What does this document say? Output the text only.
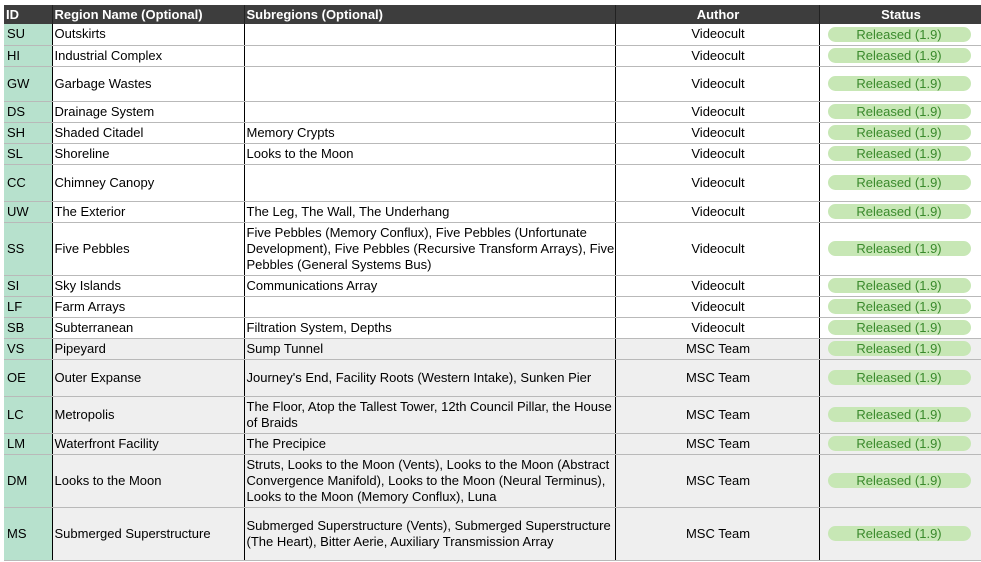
ID	Region Name (Optional)	Subregions (Optional)	Author	Status
SU	Outskirts		Videocult	Released (1.9)

HI	Industrial Complex		Videocult	Released (1.9)

GW	Garbage Wastes		Videocult	Released (1.9)

DS	Drainage System		Videocult	Released (1.9)

SH	Shaded Citadel	Memory Crypts	Videocult	Released (1.9)

SL	Shoreline	Looks to the Moon	Videocult	Released (1.9)

CC	Chimney Canopy		Videocult	Released (1.9)

UW	The Exterior	The Leg, The Wall, The Underhang	Videocult	Released (1.9)

SS	Five Pebbles	Five Pebbles (Memory Conflux), Five Pebbles (Unfortunate Development), Five Pebbles (Recursive Transform Arrays), Five Pebbles (General Systems Bus)	Videocult	Released (1.9)

SI	Sky Islands	Communications Array	Videocult	Released (1.9)

LF	Farm Arrays		Videocult	Released (1.9)

SB	Subterranean	Filtration System, Depths	Videocult	Released (1.9)

VS	Pipeyard	Sump Tunnel	MSC Team	Released (1.9)

OE	Outer Expanse	Journey's End, Facility Roots (Western Intake), Sunken Pier	MSC Team	Released (1.9)

LC	Metropolis	The Floor, Atop the Tallest Tower, 12th Council Pillar, the House of Braids	MSC Team	Released (1.9)

LM	Waterfront Facility	The Precipice	MSC Team	Released (1.9)

DM	Looks to the Moon	Struts, Looks to the Moon (Vents), Looks to the Moon (Abstract Convergence Manifold), Looks to the Moon (Neural Terminus), Looks to the Moon (Memory Conflux), Luna	MSC Team	Released (1.9)

MS	Submerged Superstructure	Submerged Superstructure (Vents), Submerged Superstructure (The Heart), Bitter Aerie, Auxiliary Transmission Array	MSC Team	Released (1.9)
